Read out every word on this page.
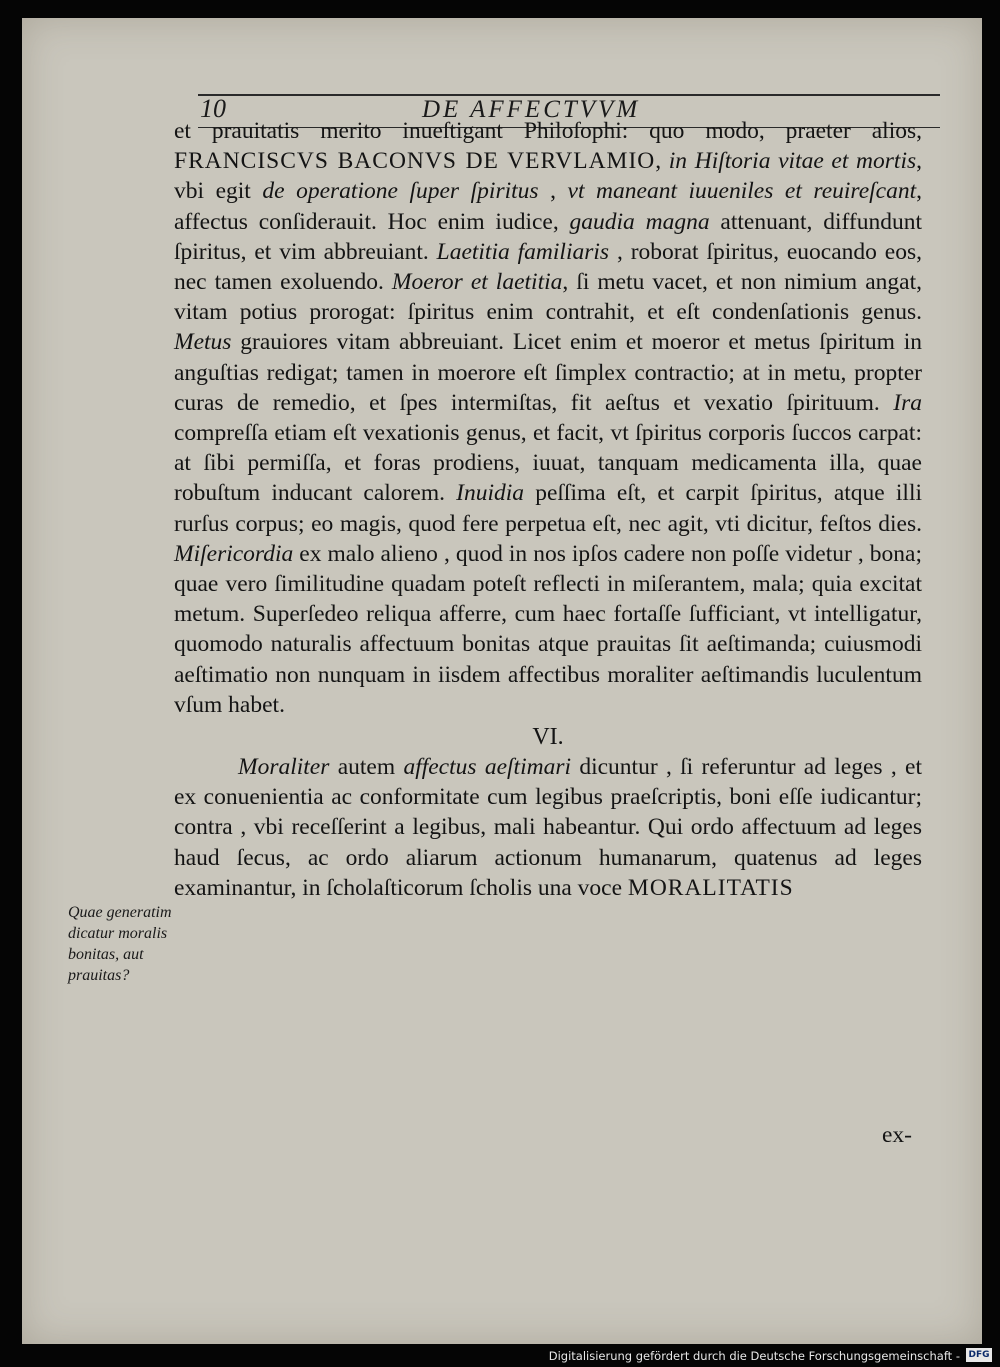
10	DE AFFECTVVM

et prauitatis merito inueſtigant Philoſophi: quo modo, praeter alios, FRANCISCVS BACONVS DE VERVLAMIO, in Hiſtoria vitae et mortis, vbi egit de operatione ſuper ſpiritus , vt maneant iuueniles et reuireſcant, affectus conſiderauit. Hoc enim iudice, gaudia magna attenuant, diffundunt ſpiritus, et vim abbreuiant. Laetitia familiaris , roborat ſpiritus, euocando eos, nec tamen exoluendo. Moeror et laetitia, ſi metu vacet, et non nimium angat, vitam potius prorogat: ſpiritus enim contrahit, et eſt condenſationis genus. Metus grauiores vitam abbreuiant. Licet enim et moeror et metus ſpiritum in anguſtias redigat; tamen in moerore eſt ſimplex contractio; at in metu, propter curas de remedio, et ſpes intermiſtas, fit aeſtus et vexatio ſpirituum. Ira compreſſa etiam eſt vexationis genus, et facit, vt ſpiritus corporis ſuccos carpat: at ſibi permiſſa, et foras prodiens, iuuat, tanquam medicamenta illa, quae robuſtum inducant calorem. Inuidia peſſima eſt, et carpit ſpiritus, atque illi rurſus corpus; eo magis, quod fere perpetua eſt, nec agit, vti dicitur, feſtos dies. Miſericordia ex malo alieno , quod in nos ipſos cadere non poſſe videtur , bona; quae vero ſimilitudine quadam poteſt reflecti in miſerantem, mala; quia excitat metum. Superſedeo reliqua afferre, cum haec fortaſſe ſufficiant, vt intelligatur, quomodo naturalis affectuum bonitas atque prauitas ſit aeſtimanda; cuiusmodi aeſtimatio non nunquam in iisdem affectibus moraliter aeſtimandis luculentum vſum habet.

VI.

Moraliter autem affectus aeſtimari dicuntur , ſi referuntur ad leges , et ex conuenientia ac conformitate cum legibus praeſcriptis, boni eſſe iudicantur; contra , vbi receſſerint a legibus, mali habeantur. Qui ordo affectuum ad leges haud ſecus, ac ordo aliarum actionum humanarum, quatenus ad leges examinantur, in ſcholaſticorum ſcholis una voce MORALITATIS

Quae generatim dicatur moralis bonitas, aut prauitas?
ex-
Digitalisierung gefördert durch die Deutsche Forschungsgemeinschaft - DFG
